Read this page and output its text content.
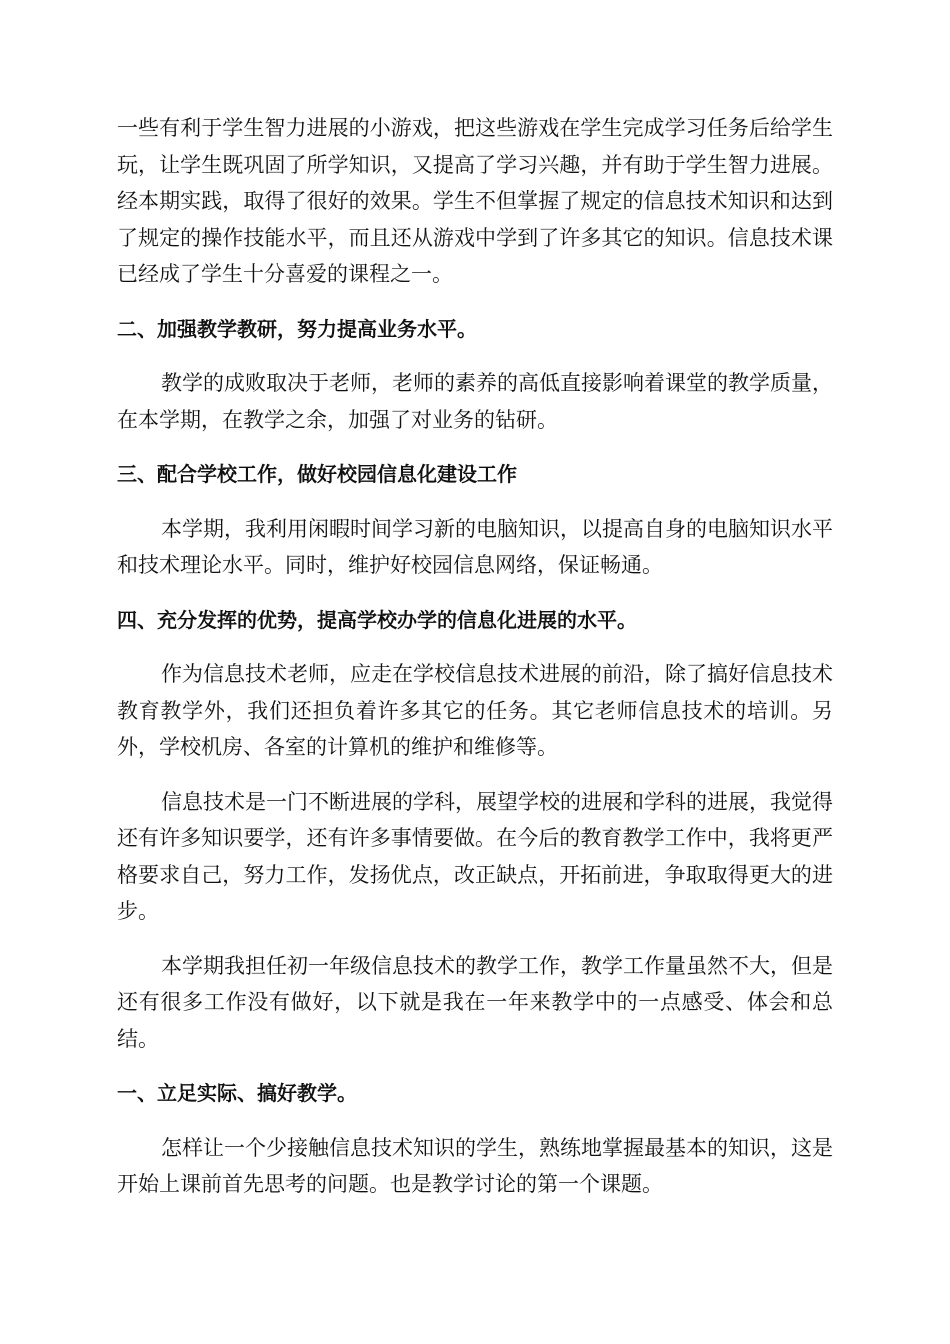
一些有利于学生智力进展的小游戏，把这些游戏在学生完成学习任务后给学生玩，让学生既巩固了所学知识，又提高了学习兴趣，并有助于学生智力进展。经本期实践，取得了很好的效果。学生不但掌握了规定的信息技术知识和达到了规定的操作技能水平，而且还从游戏中学到了许多其它的知识。信息技术课已经成了学生十分喜爱的课程之一。

二、加强教学教研，努力提高业务水平。

教学的成败取决于老师，老师的素养的高低直接影响着课堂的教学质量，在本学期，在教学之余，加强了对业务的钻研。

三、配合学校工作，做好校园信息化建设工作

本学期，我利用闲暇时间学习新的电脑知识，以提高自身的电脑知识水平和技术理论水平。同时，维护好校园信息网络，保证畅通。

四、充分发挥的优势，提高学校办学的信息化进展的水平。

作为信息技术老师，应走在学校信息技术进展的前沿，除了搞好信息技术教育教学外，我们还担负着许多其它的任务。其它老师信息技术的培训。另外，学校机房、各室的计算机的维护和维修等。

信息技术是一门不断进展的学科，展望学校的进展和学科的进展，我觉得还有许多知识要学，还有许多事情要做。在今后的教育教学工作中，我将更严格要求自己，努力工作，发扬优点，改正缺点，开拓前进，争取取得更大的进步。

本学期我担任初一年级信息技术的教学工作，教学工作量虽然不大，但是还有很多工作没有做好，以下就是我在一年来教学中的一点感受、体会和总结。

一、立足实际、搞好教学。

怎样让一个少接触信息技术知识的学生，熟练地掌握最基本的知识，这是开始上课前首先思考的问题。也是教学讨论的第一个课题。
